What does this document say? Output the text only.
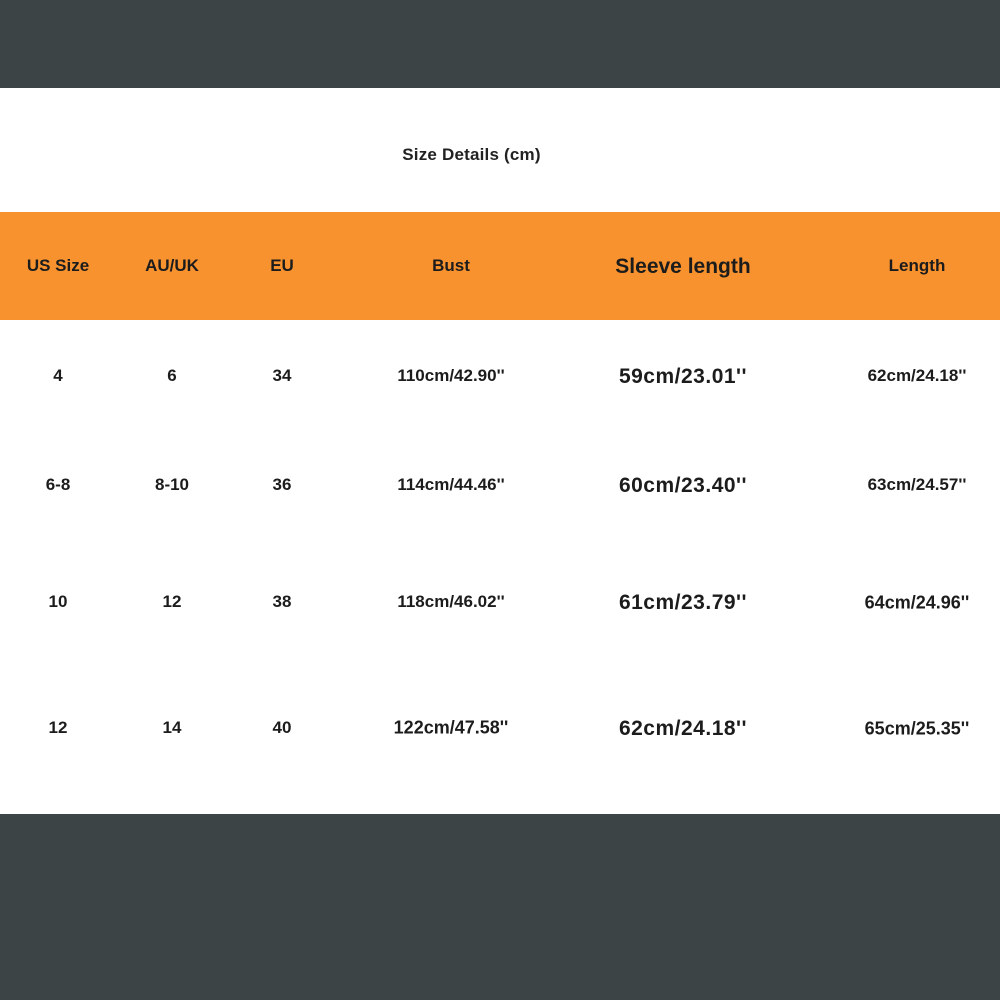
Size Details (cm)
US Size	AU/UK	EU	Bust	Sleeve length	Length
4	6	34	110cm/42.90''	59cm/23.01''	62cm/24.18''
6-8	8-10	36	114cm/44.46''	60cm/23.40''	63cm/24.57''
10	12	38	118cm/46.02''	61cm/23.79''	64cm/24.96''
12	14	40	122cm/47.58''	62cm/24.18''	65cm/25.35''
